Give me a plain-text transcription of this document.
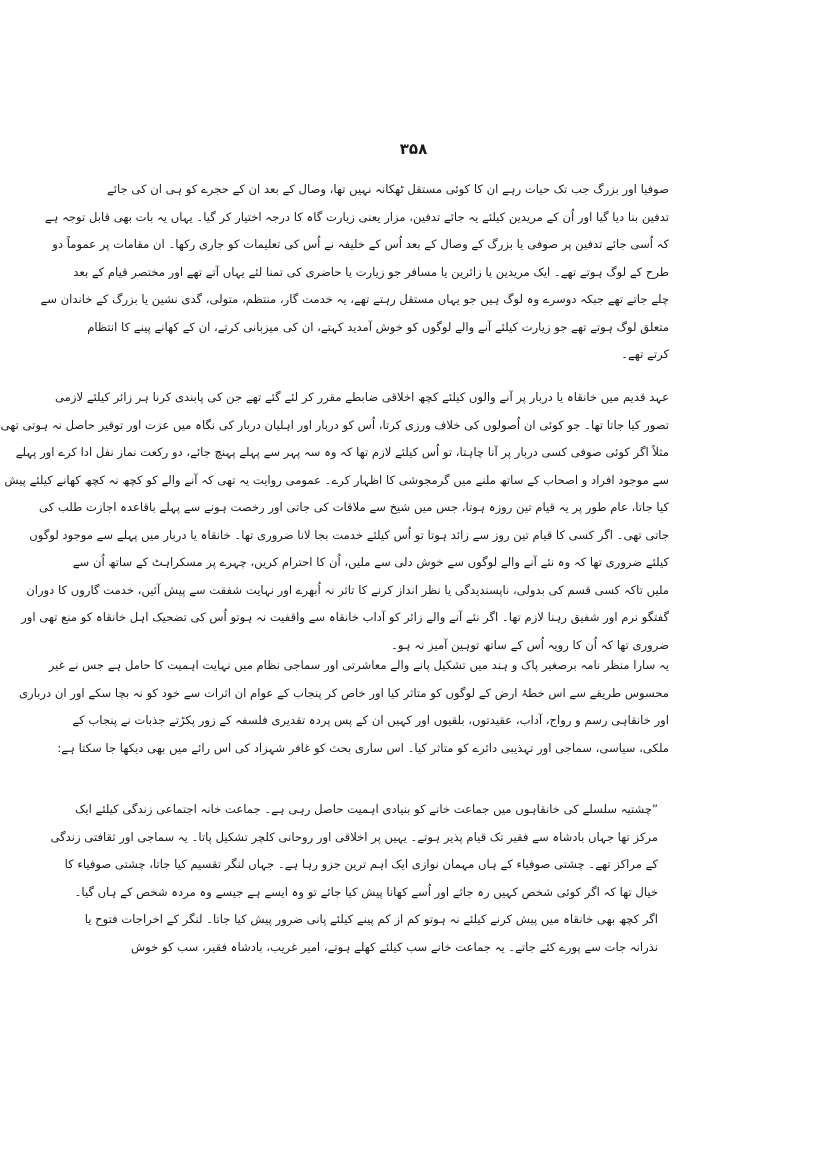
۳۵۸
صوفیا اور بزرگ جب تک حیات رہے ان کا کوئی مستقل ٹھکانہ نہیں تھا، وصال کے بعد ان کے حجرے کو ہی ان کی جائے
تدفین بنا دیا گیا اور اُن کے مریدین کیلئے یہ جائے تدفین، مزار یعنی زیارت گاہ کا درجہ اختیار کر گیا۔ یہاں یہ بات بھی قابل توجہ ہے
کہ اُسی جائے تدفین پر صوفی یا بزرگ کے وصال کے بعد اُس کے خلیفہ نے اُس کی تعلیمات کو جاری رکھا۔ ان مقامات پر عموماً دو
طرح کے لوگ ہوتے تھے۔ ایک مریدین یا زائرین یا مسافر جو زیارت یا حاضری کی تمنا لئے یہاں آتے تھے اور مختصر قیام کے بعد
چلے جاتے تھے جبکہ دوسرے وہ لوگ ہیں جو یہاں مستقل رہتے تھے، یہ خدمت گار، منتظم، متولی، گدی نشین یا بزرگ کے خاندان سے
متعلق لوگ ہوتے تھے جو زیارت کیلئے آنے والے لوگوں کو خوش آمدید کہتے، ان کی میزبانی کرتے، ان کے کھانے پینے کا انتظام
کرتے تھے۔
عہد قدیم میں خانقاہ یا دربار پر آنے والوں کیلئے کچھ اخلاقی ضابطے مقرر کر لئے گئے تھے جن کی پابندی کرنا ہر زائر کیلئے لازمی
تصور کیا جاتا تھا۔ جو کوئی ان اُصولوں کی خلاف ورزی کرتا، اُس کو دربار اور اہلیان دربار کی نگاہ میں عزت اور توقیر حاصل نہ ہوتی تھی
مثلاً اگر کوئی صوفی کسی دربار پر آنا چاہتا، تو اُس کیلئے لازم تھا کہ وہ سہ پہر سے پہلے پہنچ جائے، دو رکعت نماز نفل ادا کرے اور پہلے
سے موجود افراد و اصحاب کے ساتھ ملنے میں گرمجوشی کا اظہار کرے۔ عمومی روایت یہ تھی کہ آنے والے کو کچھ نہ کچھ کھانے کیلئے پیش
کیا جاتا، عام طور پر یہ قیام تین روزہ ہوتا، جس میں شیخ سے ملاقات کی جاتی اور رخصت ہونے سے پہلے باقاعدہ اجازت طلب کی
جاتی تھی۔ اگر کسی کا قیام تین روز سے زائد ہوتا تو اُس کیلئے خدمت بجا لانا ضروری تھا۔ خانقاہ یا دربار میں پہلے سے موجود لوگوں
کیلئے ضروری تھا کہ وہ نئے آنے والے لوگوں سے خوش دلی سے ملیں، اُن کا احترام کریں، چہرے پر مسکراہٹ کے ساتھ اُن سے
ملیں تاکہ کسی قسم کی بدولی، ناپسندیدگی یا نظر انداز کرنے کا تاثر نہ اُبھرے اور نہایت شفقت سے پیش آئیں، خدمت گاروں کا دوران
گفتگو نرم اور شفیق رہنا لازم تھا۔ اگر نئے آنے والے زائر کو آداب خانقاہ سے واقفیت نہ ہوتو اُس کی تضحیک اہل خانقاہ کو منع تھی اور
ضروری تھا کہ اُن کا رویہ اُس کے ساتھ توہین آمیز نہ ہو۔
یہ سارا منظر نامہ برصغیر پاک و ہند میں تشکیل پانے والے معاشرتی اور سماجی نظام میں نہایت اہمیت کا حامل ہے جس نے غیر
محسوس طریقے سے اس خطۂ ارض کے لوگوں کو متاثر کیا اور خاص کر پنجاب کے عوام ان اثرات سے خود کو نہ بچا سکے اور ان درباری
اور خانقاہی رسم و رواج، آداب، عقیدتوں، بلقیوں اور کہیں ان کے پس پردہ تقدیری فلسفہ کے زور پکڑتے جذبات نے پنجاب کے
ملکی، سیاسی، سماجی اور تہذیبی دائرے کو متاثر کیا۔ اس ساری بحث کو غافر شہزاد کی اس رائے میں بھی دیکھا جا سکتا ہے:
”چشتیہ سلسلے کی خانقاہوں میں جماعت خانے کو بنیادی اہمیت حاصل رہی ہے۔ جماعت خانہ اجتماعی زندگی کیلئے ایک
مرکز تھا جہاں بادشاہ سے فقیر تک قیام پذیر ہوتے۔ یہیں پر اخلاقی اور روحانی کلچر تشکیل پاتا۔ یہ سماجی اور ثقافتی زندگی
کے مراکز تھے۔ چشتی صوفیاء کے ہاں مہمان نوازی ایک اہم ترین جزو رہا ہے۔ جہاں لنگر تقسیم کیا جاتا، چشتی صوفیاء کا
خیال تھا کہ اگر کوئی شخص کہیں رہ جائے اور اُسے کھانا پیش کیا جائے تو وہ ایسے ہے جیسے وہ مردہ شخص کے ہاں گیا۔
اگر کچھ بھی خانقاہ میں پیش کرنے کیلئے نہ ہوتو کم از کم پینے کیلئے پانی ضرور پیش کیا جاتا۔ لنگر کے اخراجات فتوح یا
نذرانہ جات سے پورے کئے جاتے۔ یہ جماعت خانے سب کیلئے کھلے ہوتے، امیر غریب، بادشاہ فقیر، سب کو خوش
